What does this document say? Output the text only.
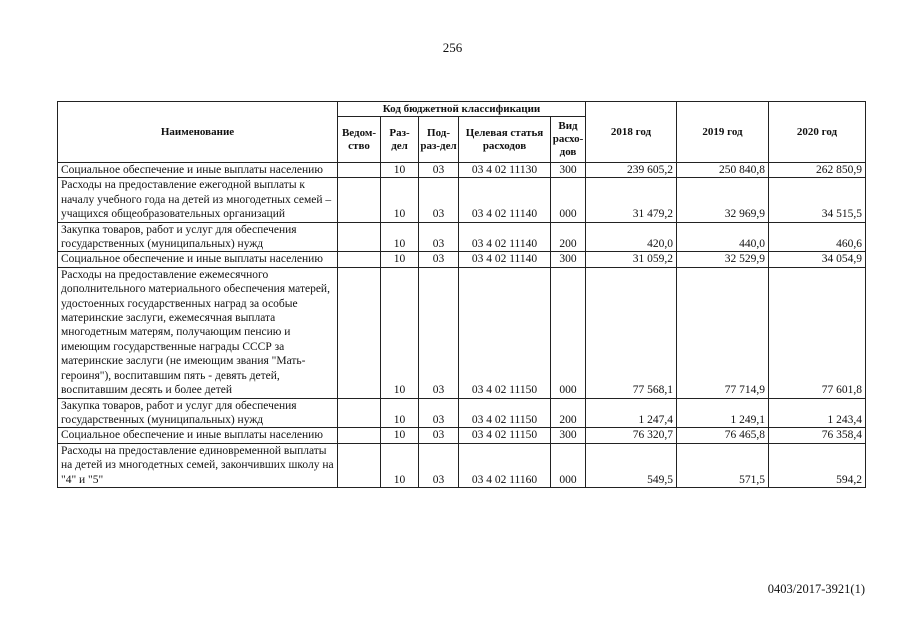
256
Наименование	Код бюджетной классификации					2018 год	2019 год	2020 год
	Ведом-ство	Раз-дел	Под-раз-дел	Целевая статья расходов	Вид расхо-дов			
Социальное обеспечение и иные выплаты населению		10	03	03 4 02 11130	300	239 605,2	250 840,8	262 850,9
Расходы на предоставление ежегодной выплаты к началу учебного года на детей из многодетных семей – учащихся общеобразовательных организаций		10	03	03 4 02 11140	000	31 479,2	32 969,9	34 515,5
Закупка товаров, работ и услуг для обеспечения государственных (муниципальных) нужд		10	03	03 4 02 11140	200	420,0	440,0	460,6
Социальное обеспечение и иные выплаты населению		10	03	03 4 02 11140	300	31 059,2	32 529,9	34 054,9
Расходы на предоставление ежемесячного дополнительного материального обеспечения матерей, удостоенных государственных наград за особые материнские заслуги, ежемесячная выплата многодетным матерям, получающим пенсию и имеющим государственные награды СССР за материнские заслуги (не имеющим звания "Мать-героиня"), воспитавшим пять - девять детей, воспитавшим десять и более детей		10	03	03 4 02 11150	000	77 568,1	77 714,9	77 601,8
Закупка товаров, работ и услуг для обеспечения государственных (муниципальных) нужд		10	03	03 4 02 11150	200	1 247,4	1 249,1	1 243,4
Социальное обеспечение и иные выплаты населению		10	03	03 4 02 11150	300	76 320,7	76 465,8	76 358,4
Расходы на предоставление единовременной выплаты на детей из многодетных семей, закончивших школу на "4" и "5"		10	03	03 4 02 11160	000	549,5	571,5	594,2
0403/2017-3921(1)
